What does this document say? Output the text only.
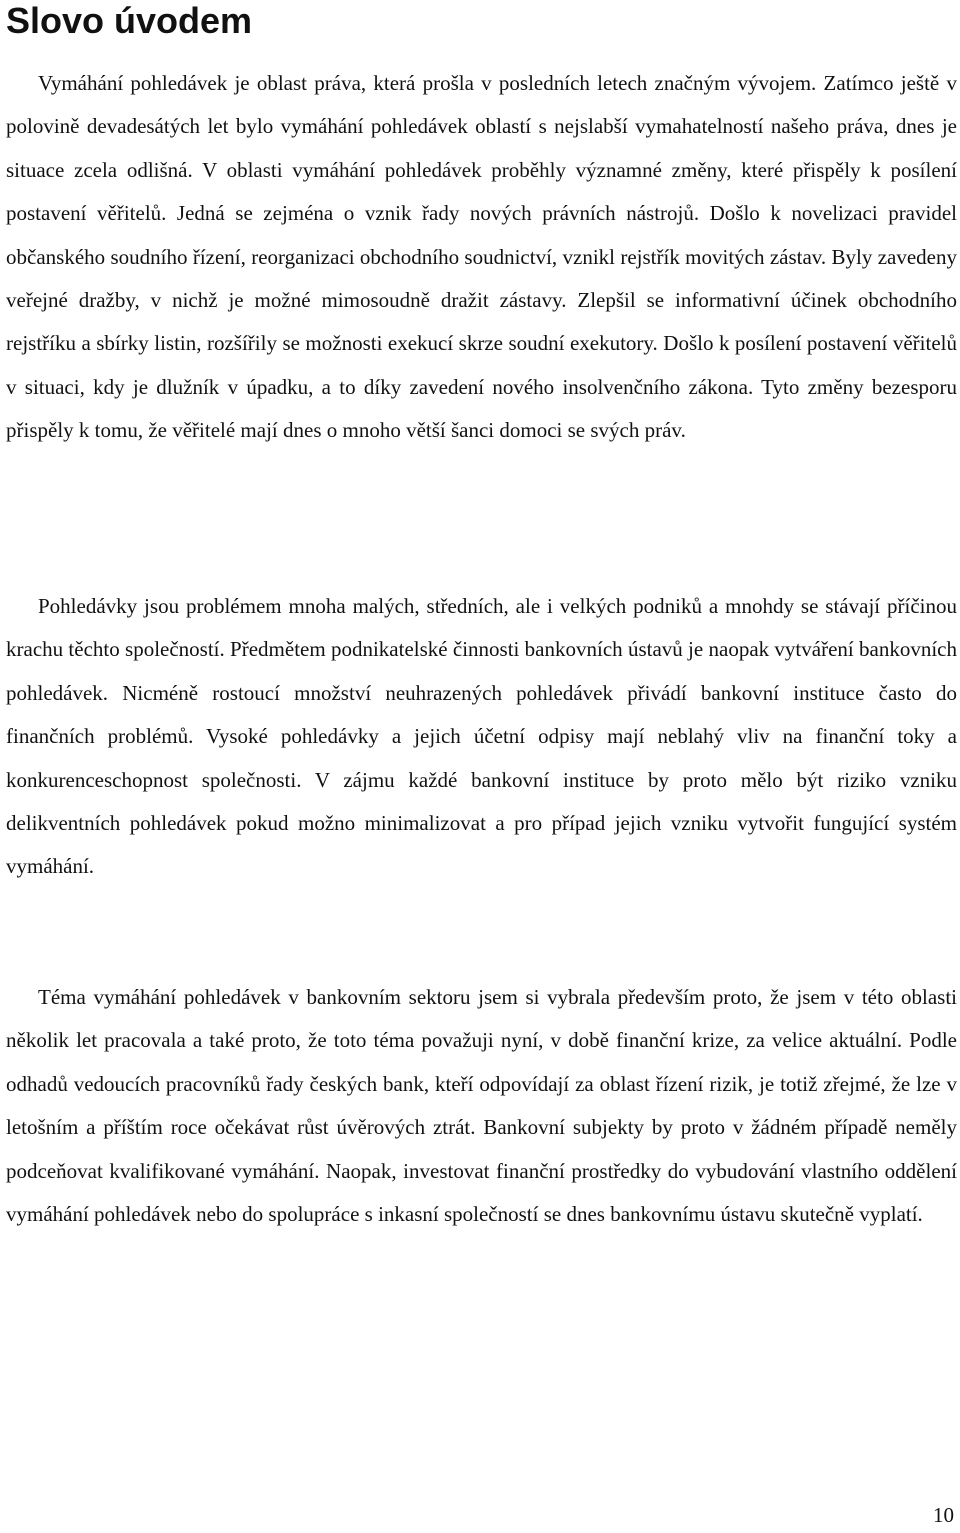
Slovo úvodem

Vymáhání pohledávek je oblast práva, která prošla v posledních letech značným vývojem. Zatímco ještě v polovině devadesátých let bylo vymáhání pohledávek oblastí s nejslabší vymahatelností našeho práva, dnes je situace zcela odlišná. V oblasti vymáhání pohledávek proběhly významné změny, které přispěly k posílení postavení věřitelů. Jedná se zejména o vznik řady nových právních nástrojů. Došlo k novelizaci pravidel občanského soudního řízení, reorganizaci obchodního soudnictví, vznikl rejstřík movitých zástav. Byly zavedeny veřejné dražby, v nichž je možné mimosoudně dražit zástavy. Zlepšil se informativní účinek obchodního rejstříku a sbírky listin, rozšířily se možnosti exekucí skrze soudní exekutory. Došlo k posílení postavení věřitelů v situaci, kdy je dlužník v úpadku, a to díky zavedení nového insolvenčního zákona. Tyto změny bezesporu přispěly k tomu, že věřitelé mají dnes o mnoho větší šanci domoci se svých práv.

Pohledávky jsou problémem mnoha malých, středních, ale i velkých podniků a mnohdy se stávají příčinou krachu těchto společností. Předmětem podnikatelské činnosti bankovních ústavů je naopak vytváření bankovních pohledávek. Nicméně rostoucí množství neuhrazených pohledávek přivádí bankovní instituce často do finančních problémů. Vysoké pohledávky a jejich účetní odpisy mají neblahý vliv na finanční toky a konkurenceschopnost společnosti. V zájmu každé bankovní instituce by proto mělo být riziko vzniku delikventních pohledávek pokud možno minimalizovat a pro případ jejich vzniku vytvořit fungující systém vymáhání.

Téma vymáhání pohledávek v bankovním sektoru jsem si vybrala především proto, že jsem v této oblasti několik let pracovala a také proto, že toto téma považuji nyní, v době finanční krize, za velice aktuální. Podle odhadů vedoucích pracovníků řady českých bank, kteří odpovídají za oblast řízení rizik, je totiž zřejmé, že lze v letošním a příštím roce očekávat růst úvěrových ztrát. Bankovní subjekty by proto v žádném případě neměly podceňovat kvalifikované vymáhání. Naopak, investovat finanční prostředky do vybudování vlastního oddělení vymáhání pohledávek nebo do spolupráce s inkasní společností se dnes bankovnímu ústavu skutečně vyplatí.

10
